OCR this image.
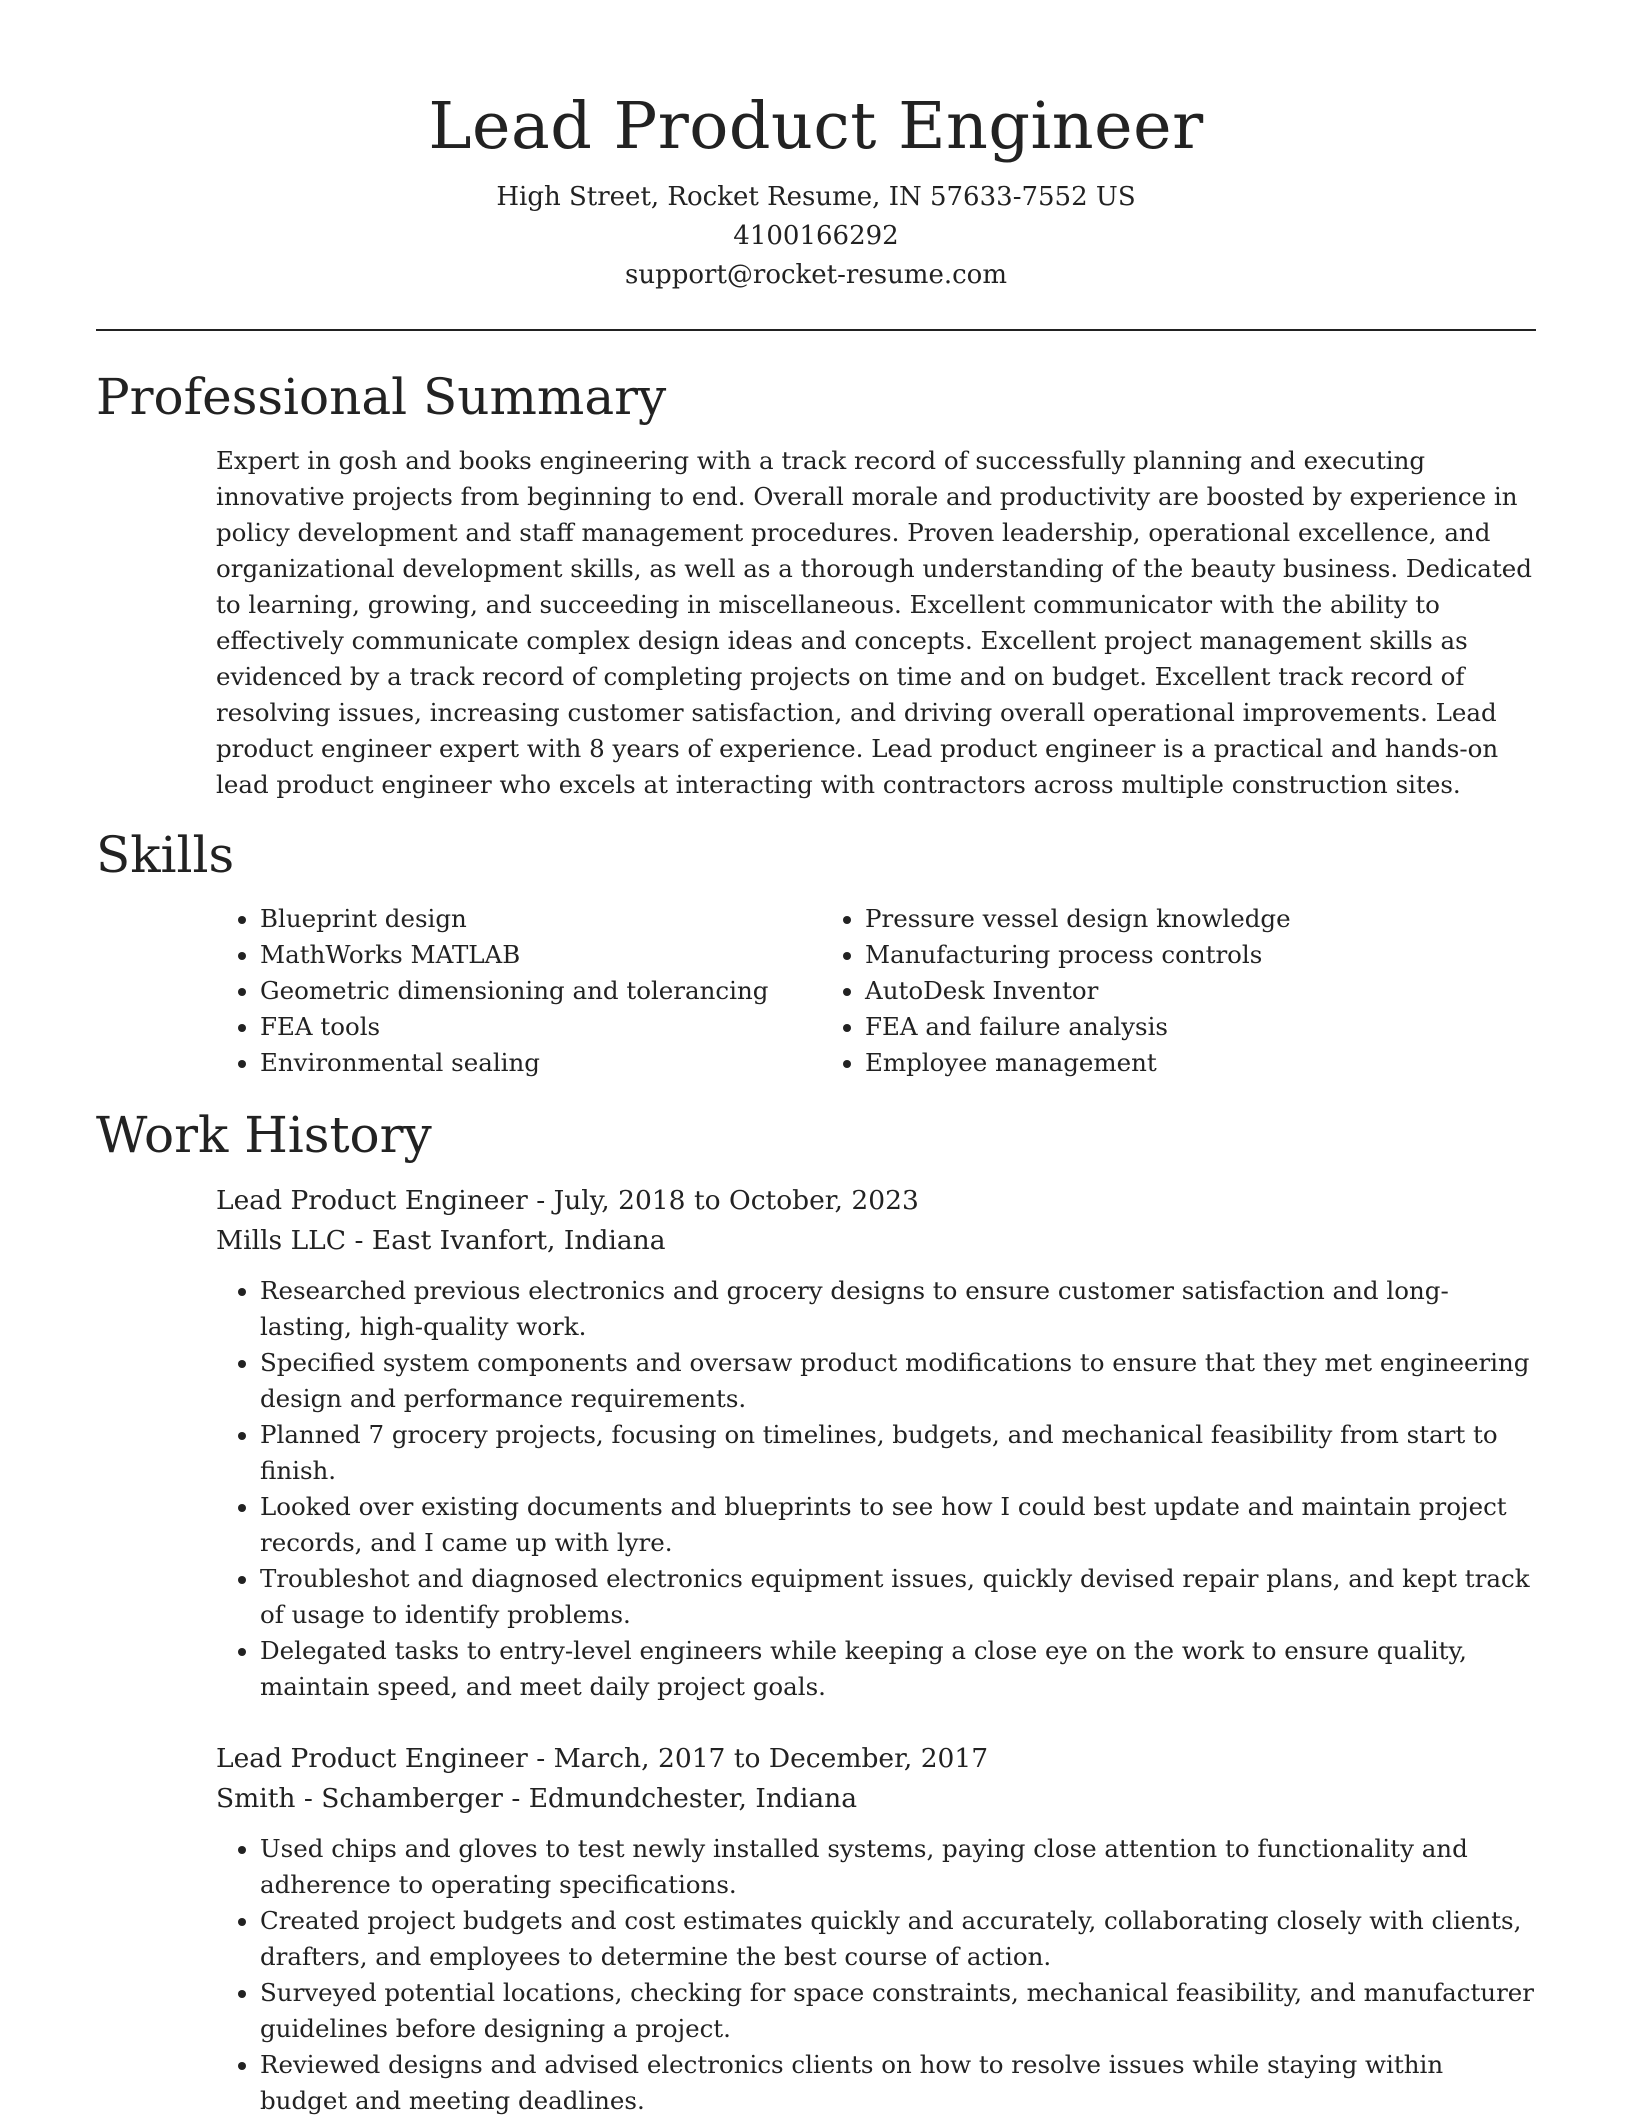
Lead Product Engineer
High Street, Rocket Resume, IN 57633-7552 US
4100166292
support@rocket-resume.com
Professional Summary

Expert in gosh and books engineering with a track record of successfully planning and executing innovative projects from beginning to end. Overall morale and productivity are boosted by experience in policy development and staff management procedures. Proven leadership, operational excellence, and organizational development skills, as well as a thorough understanding of the beauty business. Dedicated to learning, growing, and succeeding in miscellaneous. Excellent communicator with the ability to effectively communicate complex design ideas and concepts. Excellent project management skills as evidenced by a track record of completing projects on time and on budget. Excellent track record of resolving issues, increasing customer satisfaction, and driving overall operational improvements. Lead product engineer expert with 8 years of experience. Lead product engineer is a practical and hands-on lead product engineer who excels at interacting with contractors across multiple construction sites.

Skills
• Blueprint design
• MathWorks MATLAB
• Geometric dimensioning and tolerancing
• FEA tools
• Environmental sealing
• Pressure vessel design knowledge
• Manufacturing process controls
• AutoDesk Inventor
• FEA and failure analysis
• Employee management
Work History
Lead Product Engineer - July, 2018 to October, 2023
Mills LLC - East Ivanfort, Indiana
• Researched previous electronics and grocery designs to ensure customer satisfaction and long-lasting, high-quality work.
• Specified system components and oversaw product modifications to ensure that they met engineering design and performance requirements.
• Planned 7 grocery projects, focusing on timelines, budgets, and mechanical feasibility from start to finish.
• Looked over existing documents and blueprints to see how I could best update and maintain project records, and I came up with lyre.
• Troubleshot and diagnosed electronics equipment issues, quickly devised repair plans, and kept track of usage to identify problems.
• Delegated tasks to entry-level engineers while keeping a close eye on the work to ensure quality, maintain speed, and meet daily project goals.
Lead Product Engineer - March, 2017 to December, 2017
Smith - Schamberger - Edmundchester, Indiana
• Used chips and gloves to test newly installed systems, paying close attention to functionality and adherence to operating specifications.
• Created project budgets and cost estimates quickly and accurately, collaborating closely with clients, drafters, and employees to determine the best course of action.
• Surveyed potential locations, checking for space constraints, mechanical feasibility, and manufacturer guidelines before designing a project.
• Reviewed designs and advised electronics clients on how to resolve issues while staying within budget and meeting deadlines.
